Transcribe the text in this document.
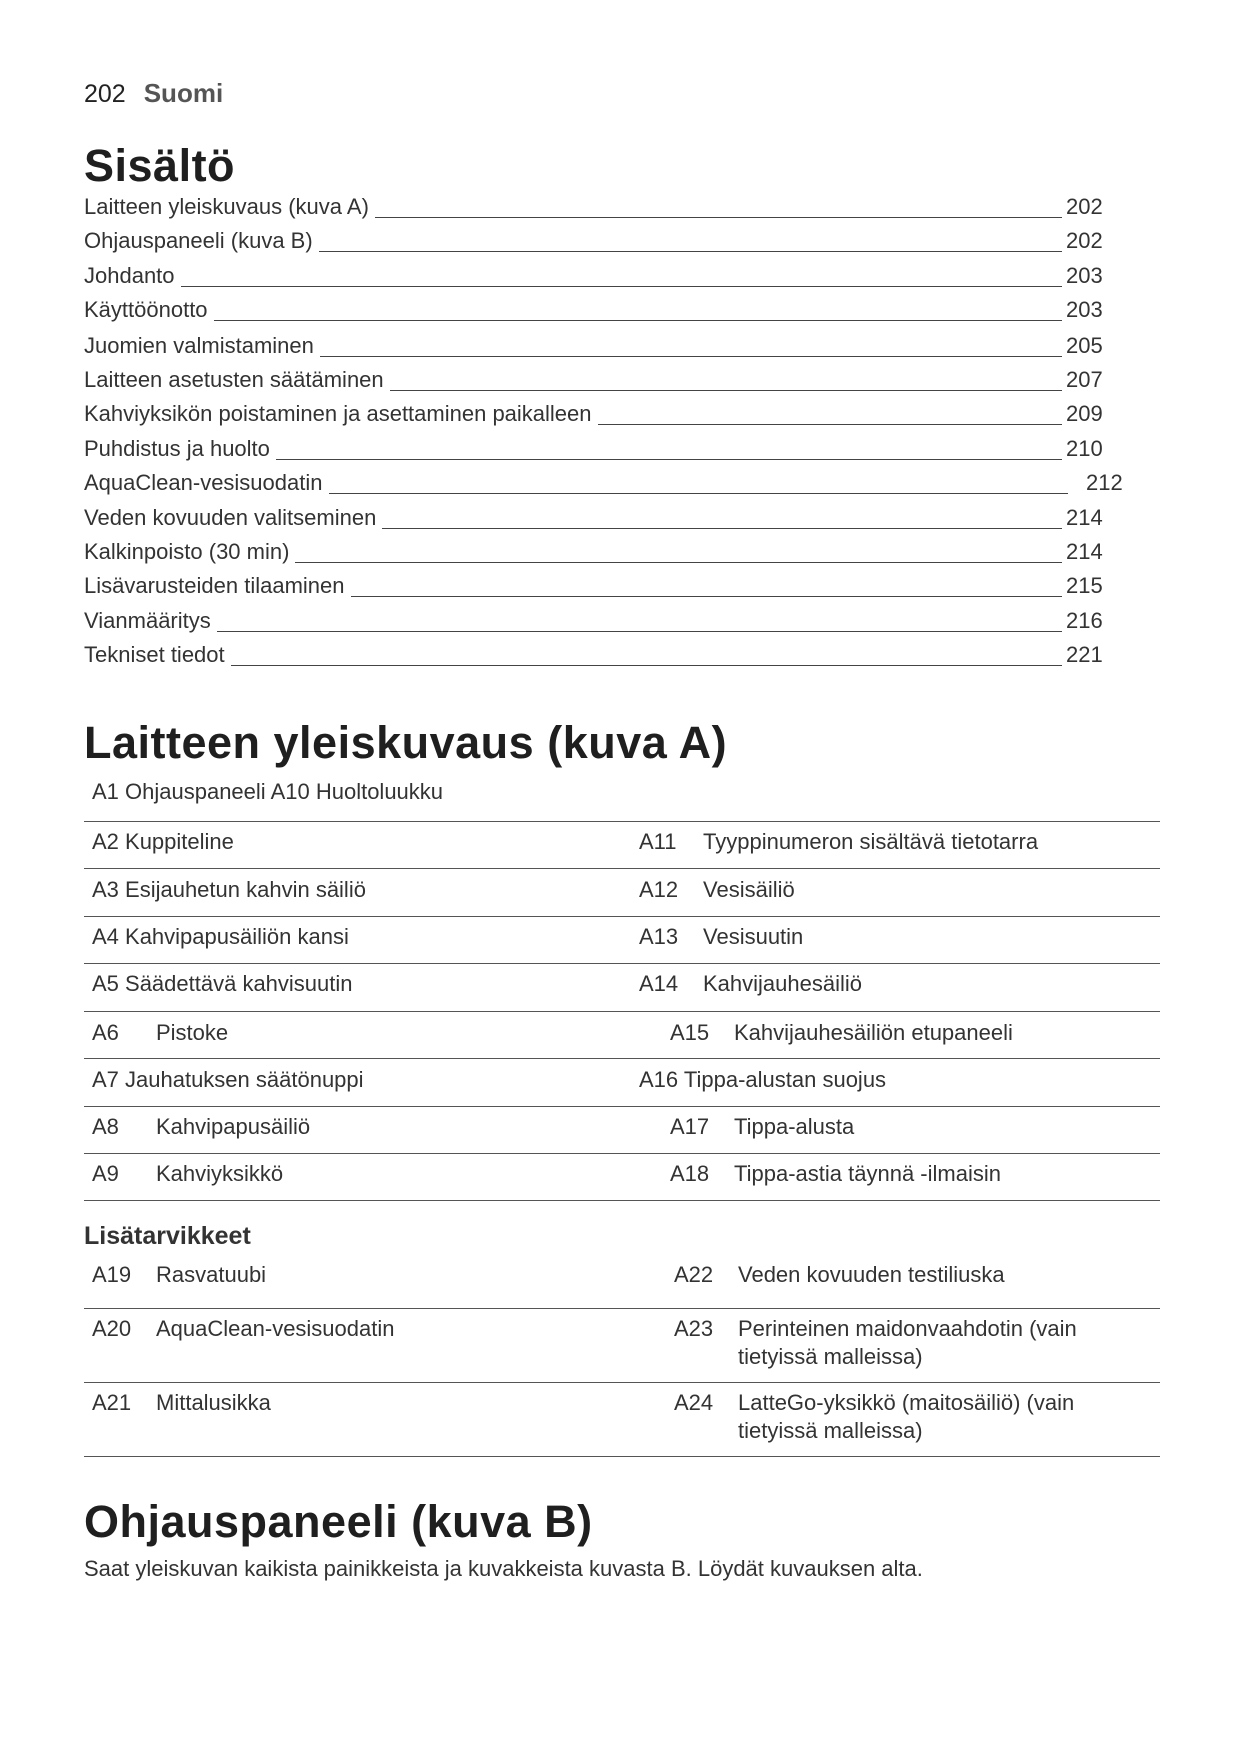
202 Suomi
Sisältö
Laitteen yleiskuvaus (kuva A)	202
Ohjauspaneeli (kuva B)	202
Johdanto	203
Käyttöönotto	203
Juomien valmistaminen	205
Laitteen asetusten säätäminen	207
Kahviyksikön poistaminen ja asettaminen paikalleen	209
Puhdistus ja huolto	210
AquaClean-vesisuodatin	212
Veden kovuuden valitseminen	214
Kalkinpoisto (30 min)	214
Lisävarusteiden tilaaminen	215
Vianmääritys	216
Tekniset tiedot	221
Laitteen yleiskuvaus (kuva A)
A1 Ohjauspaneeli A10 Huoltoluukku
A2 Kuppiteline	A11 Tyyppinumeron sisältävä tietotarra
A3 Esijauhetun kahvin säiliö	A12 Vesisäiliö
A4 Kahvipapusäiliön kansi	A13 Vesisuutin
A5 Säädettävä kahvisuutin	A14 Kahvijauhesäiliö
A6 Pistoke	A15 Kahvijauhesäiliön etupaneeli
A7 Jauhatuksen säätönuppi	A16 Tippa-alustan suojus
A8 Kahvipapusäiliö	A17 Tippa-alusta
A9 Kahviyksikkö	A18 Tippa-astia täynnä -ilmaisin
Lisätarvikkeet
A19 Rasvatuubi	A22 Veden kovuuden testiliuska
A20 AquaClean-vesisuodatin	A23 Perinteinen maidonvaahdotin (vain tietyissä malleissa)
A21 Mittalusikka	A24 LatteGo-yksikkö (maitosäiliö) (vain tietyissä malleissa)
Ohjauspaneeli (kuva B)
Saat yleiskuvan kaikista painikkeista ja kuvakkeista kuvasta B. Löydät kuvauksen alta.
